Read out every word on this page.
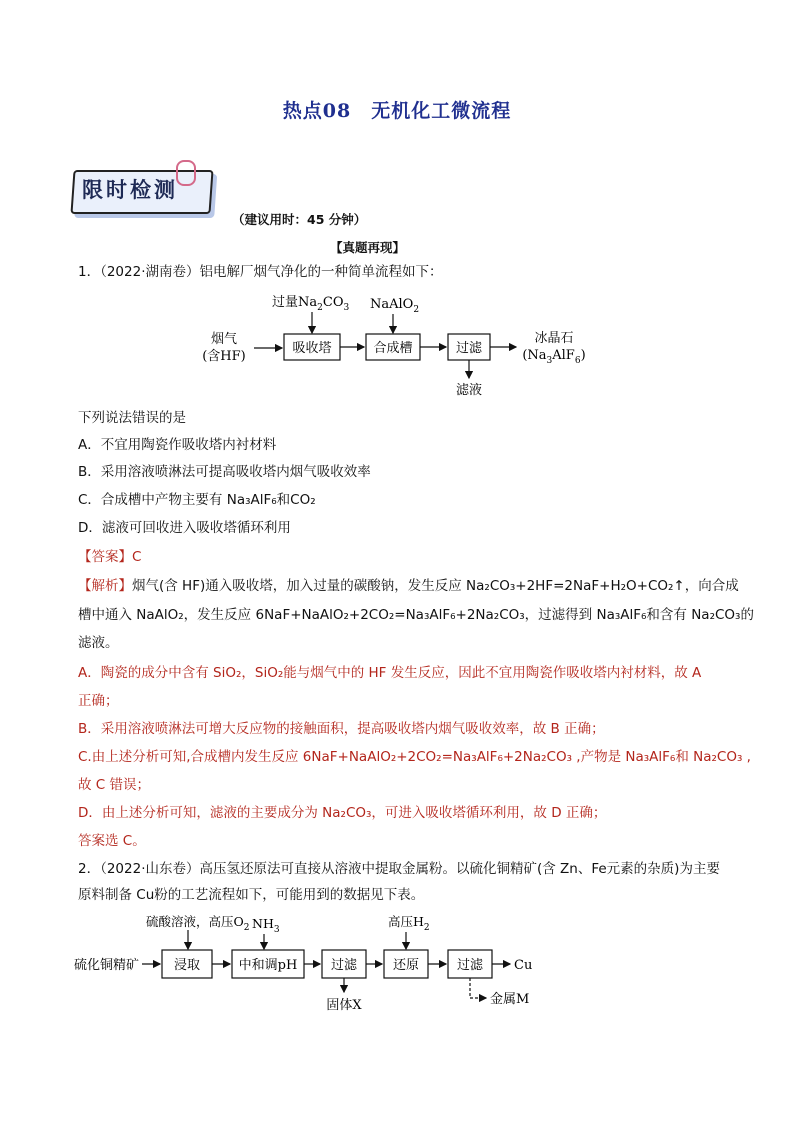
热点08　无机化工微流程
限时检测
（建议用时：45 分钟）
【真题再现】
1．（2022·湖南卷）铝电解厂烟气净化的一种简单流程如下：
烟气
(含HF)
过量$Na_2CO_3$
吸收塔
NaAlO$_2$
合成槽	过滤
滤液
冰晶石
$(Na_3AlF_6)$
下列说法错误的是
A．不宜用陶瓷作吸收塔内衬材料
B．采用溶液喷淋法可提高吸收塔内烟气吸收效率
C．合成槽中产物主要有 Na₃AlF₆和CO₂
D．滤液可回收进入吸收塔循环利用
【答案】C
【解析】烟气(含 HF)通入吸收塔，加入过量的碳酸钠，发生反应 Na₂CO₃+2HF=2NaF+H₂O+CO₂↑，向合成
槽中通入 NaAlO₂，发生反应 6NaF+NaAlO₂+2CO₂=Na₃AlF₆+2Na₂CO₃，过滤得到 Na₃AlF₆和含有 Na₂CO₃的
滤液。
A．陶瓷的成分中含有 SiO₂，SiO₂能与烟气中的 HF 发生反应，因此不宜用陶瓷作吸收塔内衬材料，故 A
正确；
B．采用溶液喷淋法可增大反应物的接触面积，提高吸收塔内烟气吸收效率，故 B 正确；
C.由上述分析可知,合成槽内发生反应 6NaF+NaAlO₂+2CO₂=Na₃AlF₆+2Na₂CO₃ ,产物是 Na₃AlF₆和 Na₂CO₃ ,
故 C 错误；
D．由上述分析可知，滤液的主要成分为 Na₂CO₃，可进入吸收塔循环利用，故 D 正确；
答案选 C。
2．（2022·山东卷）高压氢还原法可直接从溶液中提取金属粉。以硫化铜精矿(含 Zn、Fe元素的杂质)为主要
原料制备 Cu粉的工艺流程如下，可能用到的数据见下表。
硫化铜精矿
硫酸溶液，高压$O_2$
浸取
$NH_3$
中和调pH	过滤
固体X
高压$H_2$
还原	过滤 Cu
金属M
